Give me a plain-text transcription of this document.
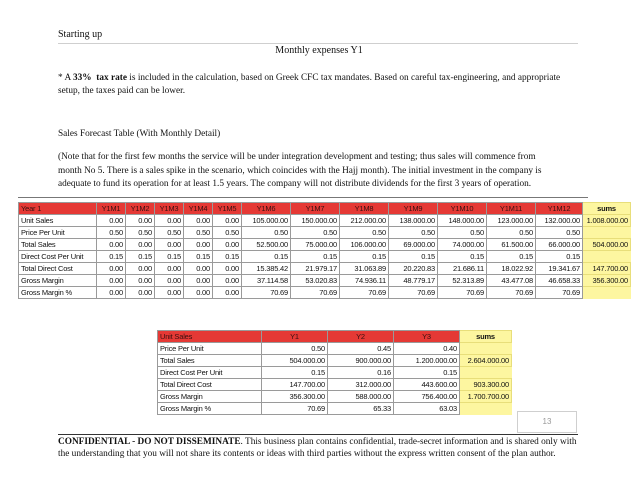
Starting up
Monthly expenses Y1
* A 33% tax rate is included in the calculation, based on Greek CFC tax mandates. Based on careful tax-engineering, and appropriate setup, the taxes paid can be lower.
Sales Forecast Table (With Monthly Detail)
(Note that for the first few months the service will be under integration development and testing; thus sales will commence from month No 5. There is a sales spike in the scenario, which coincides with the Hajj month). The initial investment in the company is adequate to fund its operation for at least 1.5 years. The company will not distribute dividends for the first 3 years of operation.
Year 1	Y1M1	Y1M2	Y1M3	Y1M4	Y1M5	Y1M6	Y1M7	Y1M8	Y1M9	Y1M10	Y1M11	Y1M12	sums
Unit Sales	0.00	0.00	0.00	0.00	0.00	105.000.00	150.000.00	212.000.00	138.000.00	148.000.00	123.000.00	132.000.00	1.008.000.00
Price Per Unit	0.50	0.50	0.50	0.50	0.50	0.50	0.50	0.50	0.50	0.50	0.50	0.50	
Total Sales	0.00	0.00	0.00	0.00	0.00	52.500.00	75.000.00	106.000.00	69.000.00	74.000.00	61.500.00	66.000.00	504.000.00
Direct Cost Per Unit	0.15	0.15	0.15	0.15	0.15	0.15	0.15	0.15	0.15	0.15	0.15	0.15	
Total Direct Cost	0.00	0.00	0.00	0.00	0.00	15.385.42	21.979.17	31.063.89	20.220.83	21.686.11	18.022.92	19.341.67	147.700.00
Gross Margin	0.00	0.00	0.00	0.00	0.00	37.114.58	53.020.83	74.936.11	48.779.17	52.313.89	43.477.08	46.658.33	356.300.00
Gross Margin %	0.00	0.00	0.00	0.00	0.00	70.69	70.69	70.69	70.69	70.69	70.69	70.69	
Unit Sales	Y1	Y2	Y3	sums
Price Per Unit	0.50	0.45	0.40	
Total Sales	504.000.00	900.000.00	1.200.000.00	2.604.000.00
Direct Cost Per Unit	0.15	0.16	0.15	
Total Direct Cost	147.700.00	312.000.00	443.600.00	903.300.00
Gross Margin	356.300.00	588.000.00	756.400.00	1.700.700.00
Gross Margin %	70.69	65.33	63.03	
13
CONFIDENTIAL - DO NOT DISSEMINATE. This business plan contains confidential, trade-secret information and is shared only with the understanding that you will not share its contents or ideas with third parties without the express written consent of the plan author.
